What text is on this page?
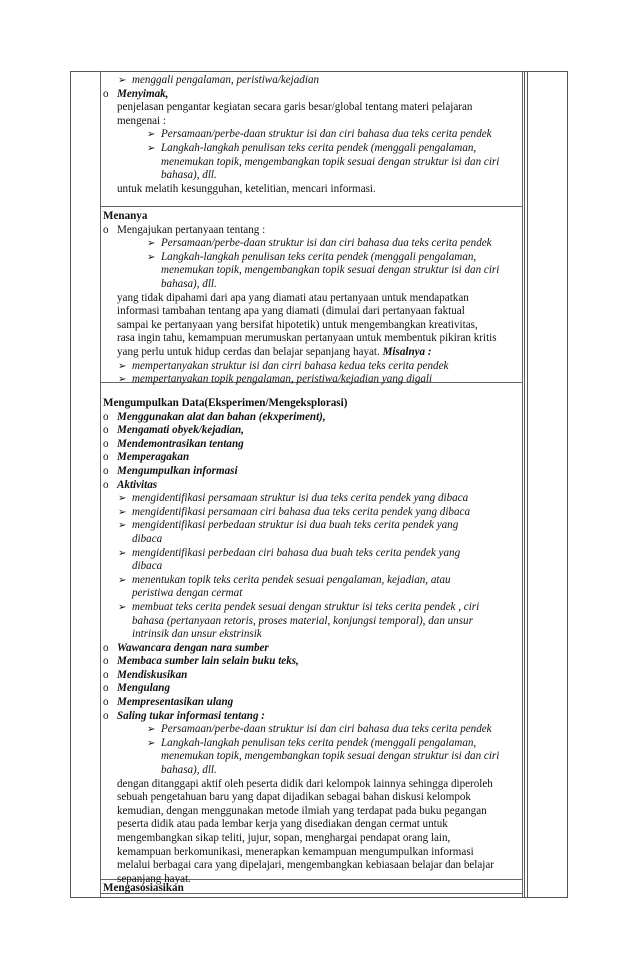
➢ menggali pengalaman, peristiwa/kejadian
o Menyimak,
penjelasan pengantar kegiatan secara garis besar/global tentang materi pelajaran
mengenai :
➢ Persamaan/perbe-daan struktur isi dan ciri bahasa dua teks cerita pendek
➢ Langkah-langkah penulisan teks cerita pendek (menggali pengalaman,
menemukan topik, mengembangkan topik sesuai dengan struktur isi dan ciri
bahasa), dll.
untuk melatih kesungguhan, ketelitian, mencari informasi.
Menanya
o Mengajukan pertanyaan tentang :
➢ Persamaan/perbe-daan struktur isi dan ciri bahasa dua teks cerita pendek
➢ Langkah-langkah penulisan teks cerita pendek (menggali pengalaman,
menemukan topik, mengembangkan topik sesuai dengan struktur isi dan ciri
bahasa), dll.
yang tidak dipahami dari apa yang diamati atau pertanyaan untuk mendapatkan
informasi tambahan tentang apa yang diamati (dimulai dari pertanyaan faktual
sampai ke pertanyaan yang bersifat hipotetik) untuk mengembangkan kreativitas,
rasa ingin tahu, kemampuan merumuskan pertanyaan untuk membentuk pikiran kritis
yang perlu untuk hidup cerdas dan belajar sepanjang hayat. Misalnya :
➢ mempertanyakan struktur isi dan cirri bahasa kedua teks cerita pendek
➢ mempertanyakan topik pengalaman, peristiwa/kejadian yang digali
Mengumpulkan Data(Eksperimen/Mengeksplorasi)
o Menggunakan alat dan bahan (ekxperiment),
o Mengamati obyek/kejadian,
o Mendemontrasikan tentang
o Memperagakan
o Mengumpulkan informasi
o Aktivitas
➢ mengidentifikasi persamaan struktur isi dua teks cerita pendek yang dibaca
➢ mengidentifikasi persamaan ciri bahasa dua teks cerita pendek yang dibaca
➢ mengidentifikasi perbedaan struktur isi dua buah teks cerita pendek yang
dibaca
➢ mengidentifikasi perbedaan ciri bahasa dua buah teks cerita pendek yang
dibaca
➢ menentukan topik teks cerita pendek sesuai pengalaman, kejadian, atau
peristiwa dengan cermat
➢ membuat teks cerita pendek sesuai dengan struktur isi teks cerita pendek , ciri
bahasa (pertanyaan retoris, proses material, konjungsi temporal), dan unsur
intrinsik dan unsur ekstrinsik
o Wawancara dengan nara sumber
o Membaca sumber lain selain buku teks,
o Mendiskusikan
o Mengulang
o Mempresentasikan ulang
o Saling tukar informasi tentang :
➢ Persamaan/perbe-daan struktur isi dan ciri bahasa dua teks cerita pendek
➢ Langkah-langkah penulisan teks cerita pendek (menggali pengalaman,
menemukan topik, mengembangkan topik sesuai dengan struktur isi dan ciri
bahasa), dll.
dengan ditanggapi aktif oleh peserta didik dari kelompok lainnya sehingga diperoleh
sebuah pengetahuan baru yang dapat dijadikan sebagai bahan diskusi kelompok
kemudian, dengan menggunakan metode ilmiah yang terdapat pada buku pegangan
peserta didik atau pada lembar kerja yang disediakan dengan cermat untuk
mengembangkan sikap teliti, jujur, sopan, menghargai pendapat orang lain,
kemampuan berkomunikasi, menerapkan kemampuan mengumpulkan informasi
melalui berbagai cara yang dipelajari, mengembangkan kebiasaan belajar dan belajar
sepanjang hayat.
Mengasosiasikan
